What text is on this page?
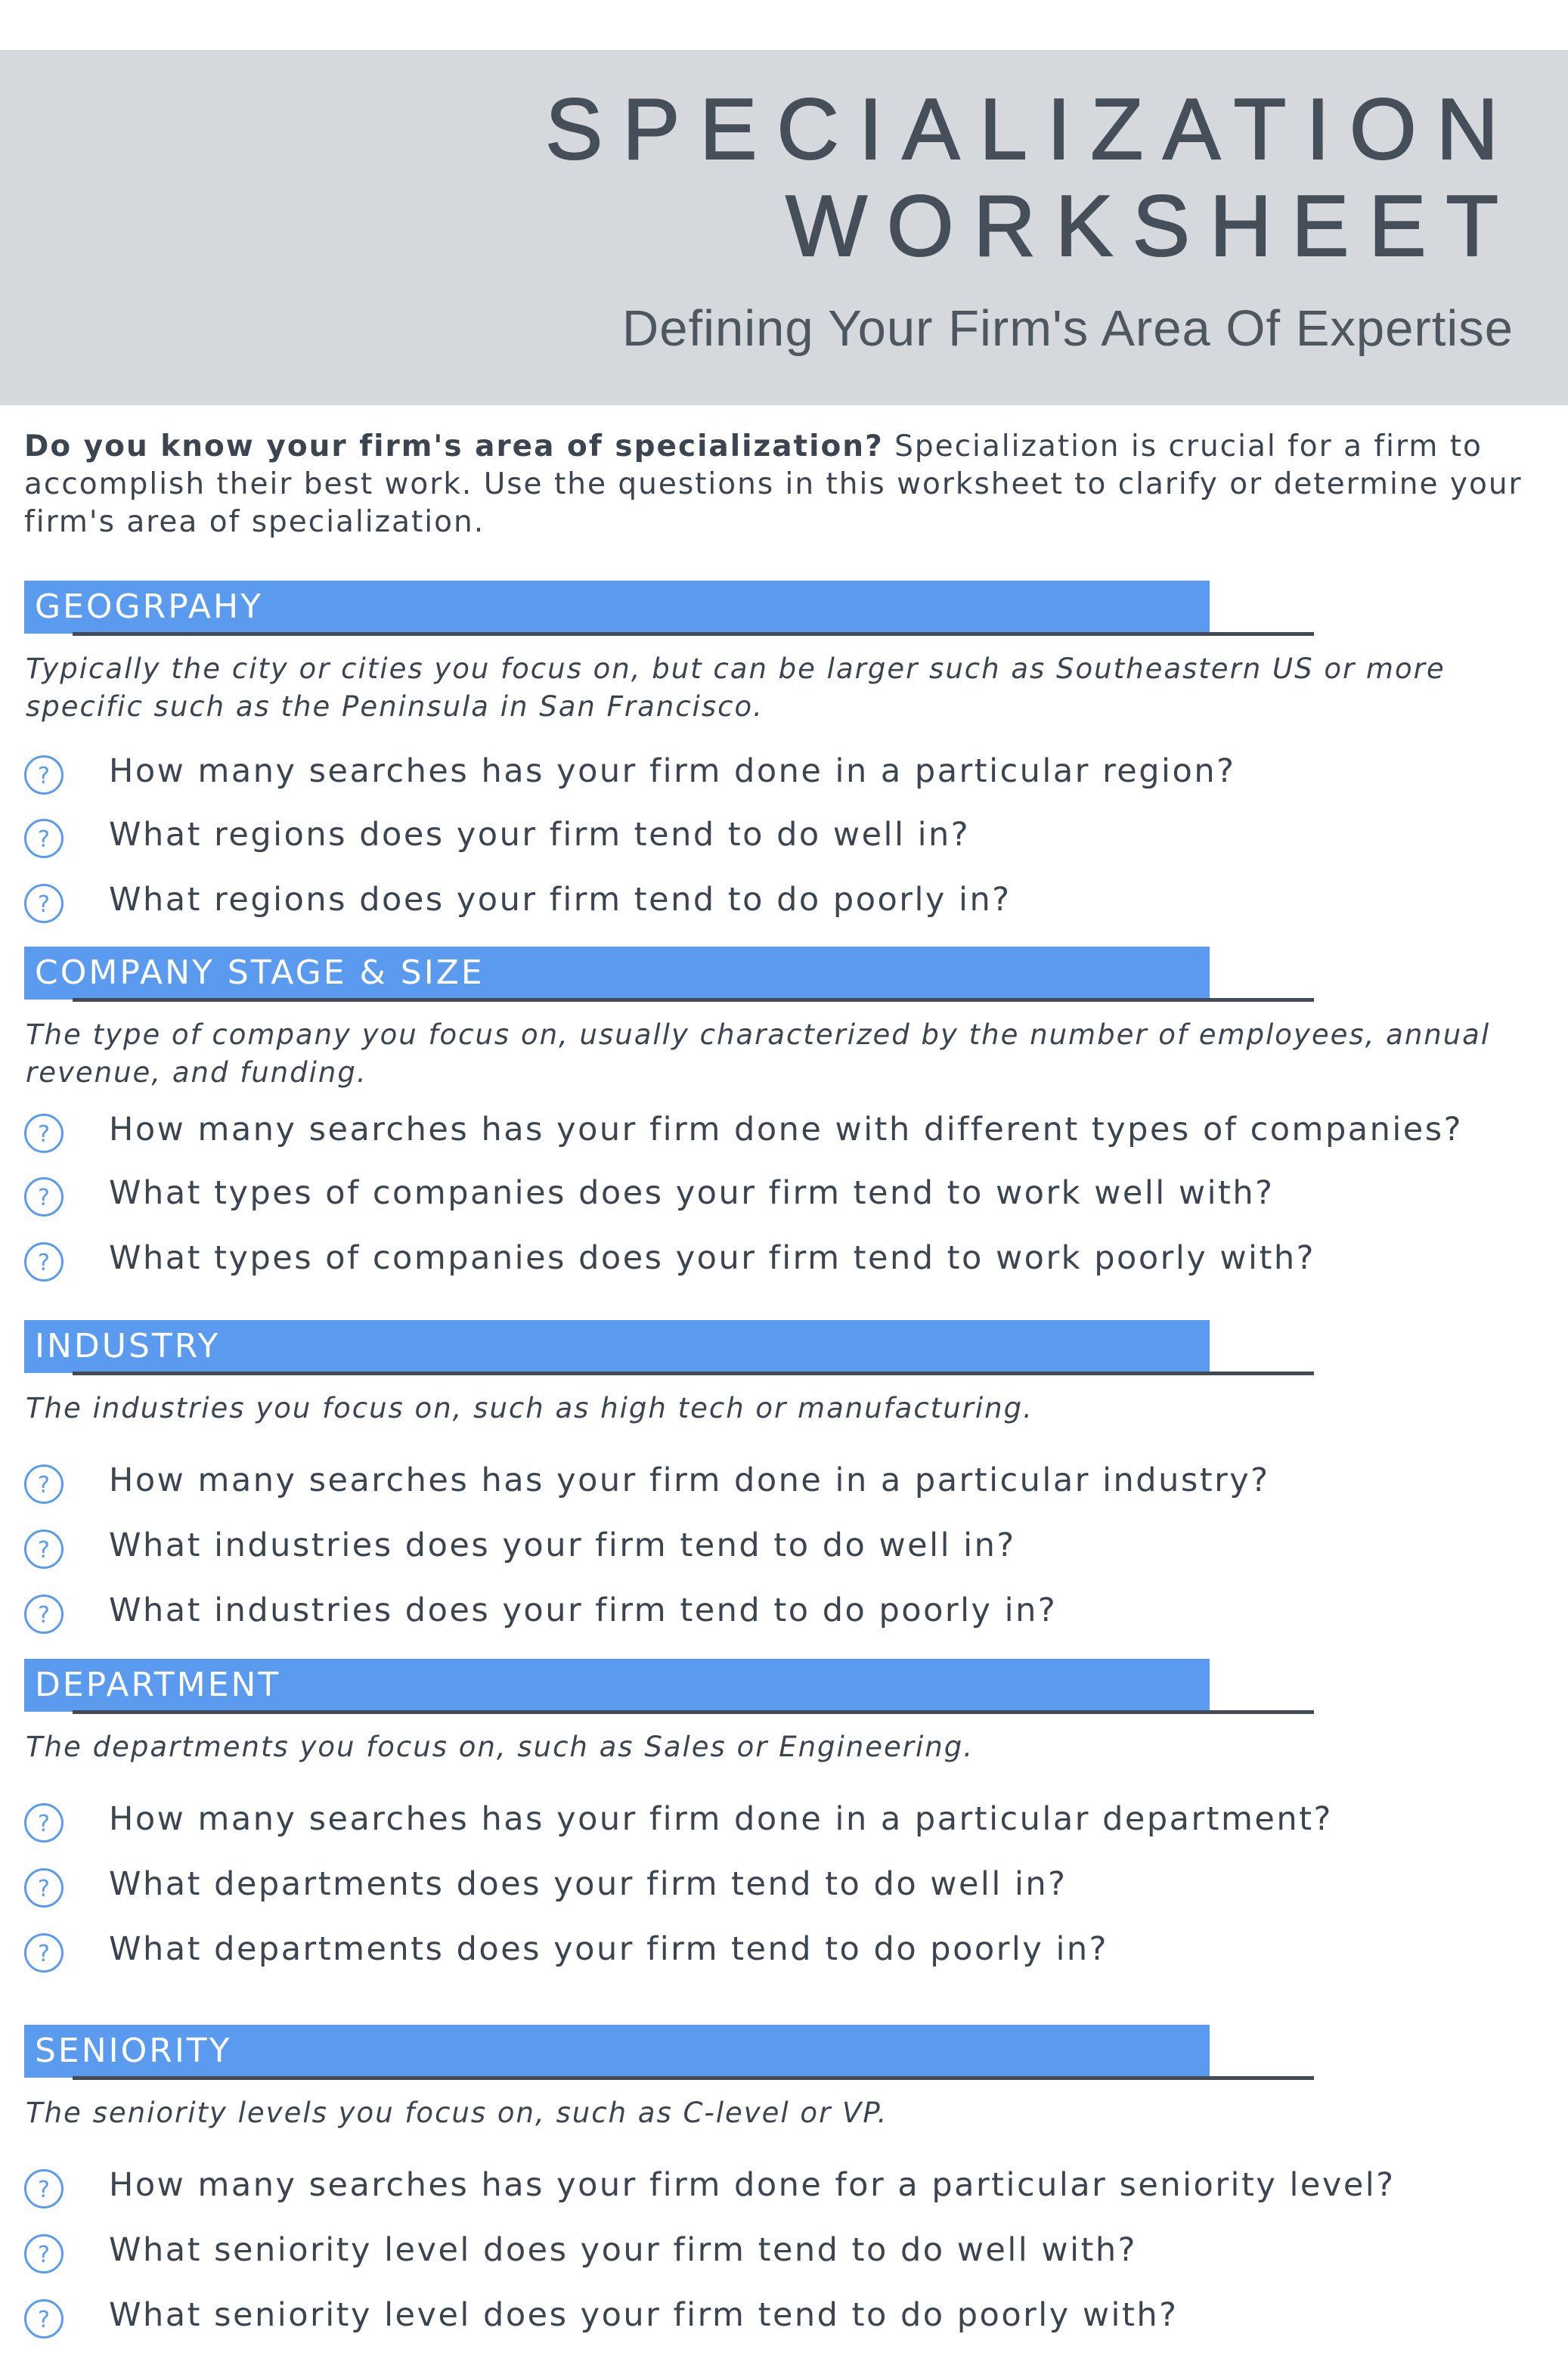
SPECIALIZATION
WORKSHEET
Defining Your Firm's Area Of Expertise
Do you know your firm's area of specialization? Specialization is crucial for a firm to accomplish their best work. Use the questions in this worksheet to clarify or determine your firm's area of specialization.
GEOGRPAHY
Typically the city or cities you focus on, but can be larger such as Southeastern US or more specific such as the Peninsula in San Francisco.
? How many searches has your firm done in a particular region?
? What regions does your firm tend to do well in?
? What regions does your firm tend to do poorly in?
COMPANY STAGE & SIZE
The type of company you focus on, usually characterized by the number of employees, annual revenue, and funding.
? How many searches has your firm done with different types of companies?
? What types of companies does your firm tend to work well with?
? What types of companies does your firm tend to work poorly with?
INDUSTRY
The industries you focus on, such as high tech or manufacturing.
? How many searches has your firm done in a particular industry?
? What industries does your firm tend to do well in?
? What industries does your firm tend to do poorly in?
DEPARTMENT
The departments you focus on, such as Sales or Engineering.
? How many searches has your firm done in a particular department?
? What departments does your firm tend to do well in?
? What departments does your firm tend to do poorly in?
SENIORITY
The seniority levels you focus on, such as C-level or VP.
? How many searches has your firm done for a particular seniority level?
? What seniority level does your firm tend to do well with?
? What seniority level does your firm tend to do poorly with?
